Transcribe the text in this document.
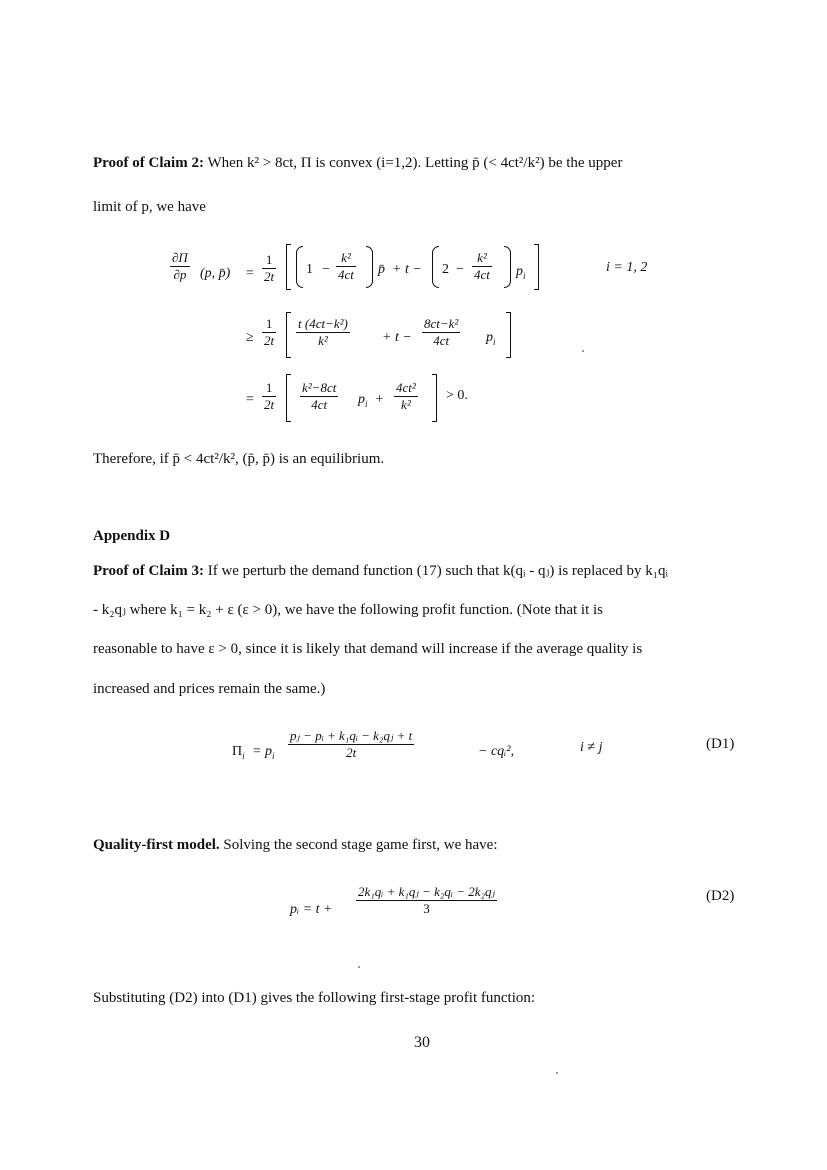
Proof of Claim 2: When k² > 8ct, Π is convex (i=1,2). Letting p̄ (< 4ct²/k²) be the upper
limit of p, we have
∂Π
∂p (p, p̄) =
1
2t 1 −
k²
4ct p̄  + t − 2  −
k²
4ct $p_i$
i = 1, 2
≥
1
2t
t (4ct−k²)
k²	+ t −
8ct−k²
4ct	$p_i$
=
1
2t
k²−8ct
4ct $p_i$  +
4ct²
k²
> 0.
Therefore, if p̄ < 4ct²/k², (p̄, p̄) is an equilibrium.
Appendix D
Proof of Claim 3: If we perturb the demand function (17) such that k(qᵢ - qⱼ) is replaced by k₁qᵢ
- k₂qⱼ where k₁ = k₂ + ε (ε > 0), we have the following profit function. (Note that it is
reasonable to have ε > 0, since it is likely that demand will increase if the average quality is
increased and prices remain the same.)
$\Pi_i = p_i$
pⱼ − pᵢ + k₁qᵢ − k₂qⱼ + t
2t	− cqᵢ²,	i ≠ j	(D1)
Quality-first model. Solving the second stage game first, we have:
pᵢ = t +
2k₁qᵢ + k₁qⱼ − k₂qᵢ − 2k₂qⱼ
3
(D2)
Substituting (D2) into (D1) gives the following first-stage profit function:
30
